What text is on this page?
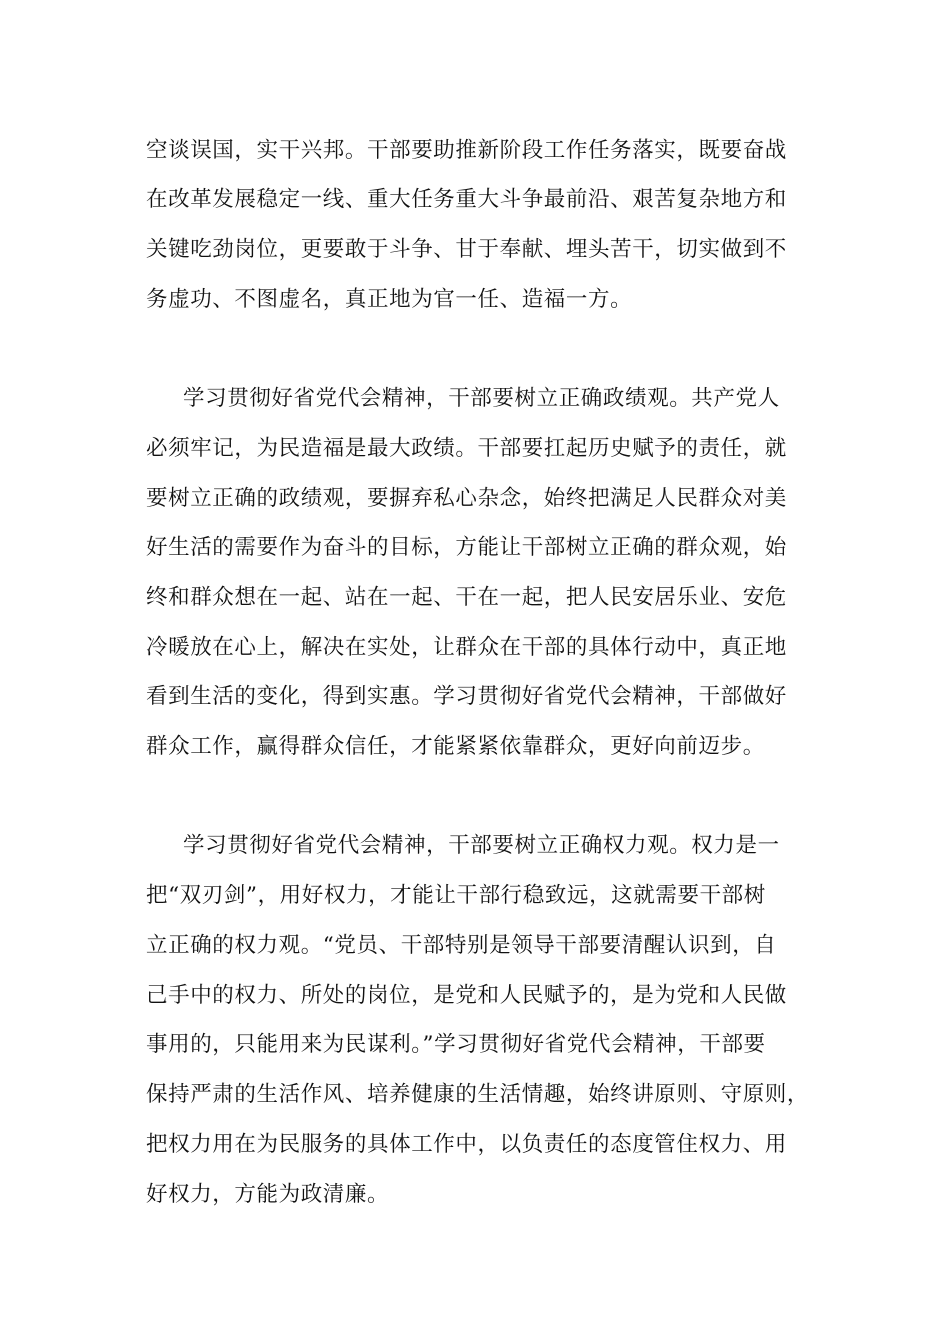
空谈误国，实干兴邦。干部要助推新阶段工作任务落实，既要奋战
在改革发展稳定一线、重大任务重大斗争最前沿、艰苦复杂地方和
关键吃劲岗位，更要敢于斗争、甘于奉献、埋头苦干，切实做到不
务虚功、不图虚名，真正地为官一任、造福一方。
学习贯彻好省党代会精神，干部要树立正确政绩观。共产党人
必须牢记，为民造福是最大政绩。干部要扛起历史赋予的责任，就
要树立正确的政绩观，要摒弃私心杂念，始终把满足人民群众对美
好生活的需要作为奋斗的目标，方能让干部树立正确的群众观，始
终和群众想在一起、站在一起、干在一起，把人民安居乐业、安危
冷暖放在心上，解决在实处，让群众在干部的具体行动中，真正地
看到生活的变化，得到实惠。学习贯彻好省党代会精神，干部做好
群众工作，赢得群众信任，才能紧紧依靠群众，更好向前迈步。
学习贯彻好省党代会精神，干部要树立正确权力观。权力是一
把“双刃剑”，用好权力，才能让干部行稳致远，这就需要干部树
立正确的权力观。“党员、干部特别是领导干部要清醒认识到，自
己手中的权力、所处的岗位，是党和人民赋予的，是为党和人民做
事用的，只能用来为民谋利。”学习贯彻好省党代会精神，干部要
保持严肃的生活作风、培养健康的生活情趣，始终讲原则、守原则，
把权力用在为民服务的具体工作中，以负责任的态度管住权力、用
好权力，方能为政清廉。
